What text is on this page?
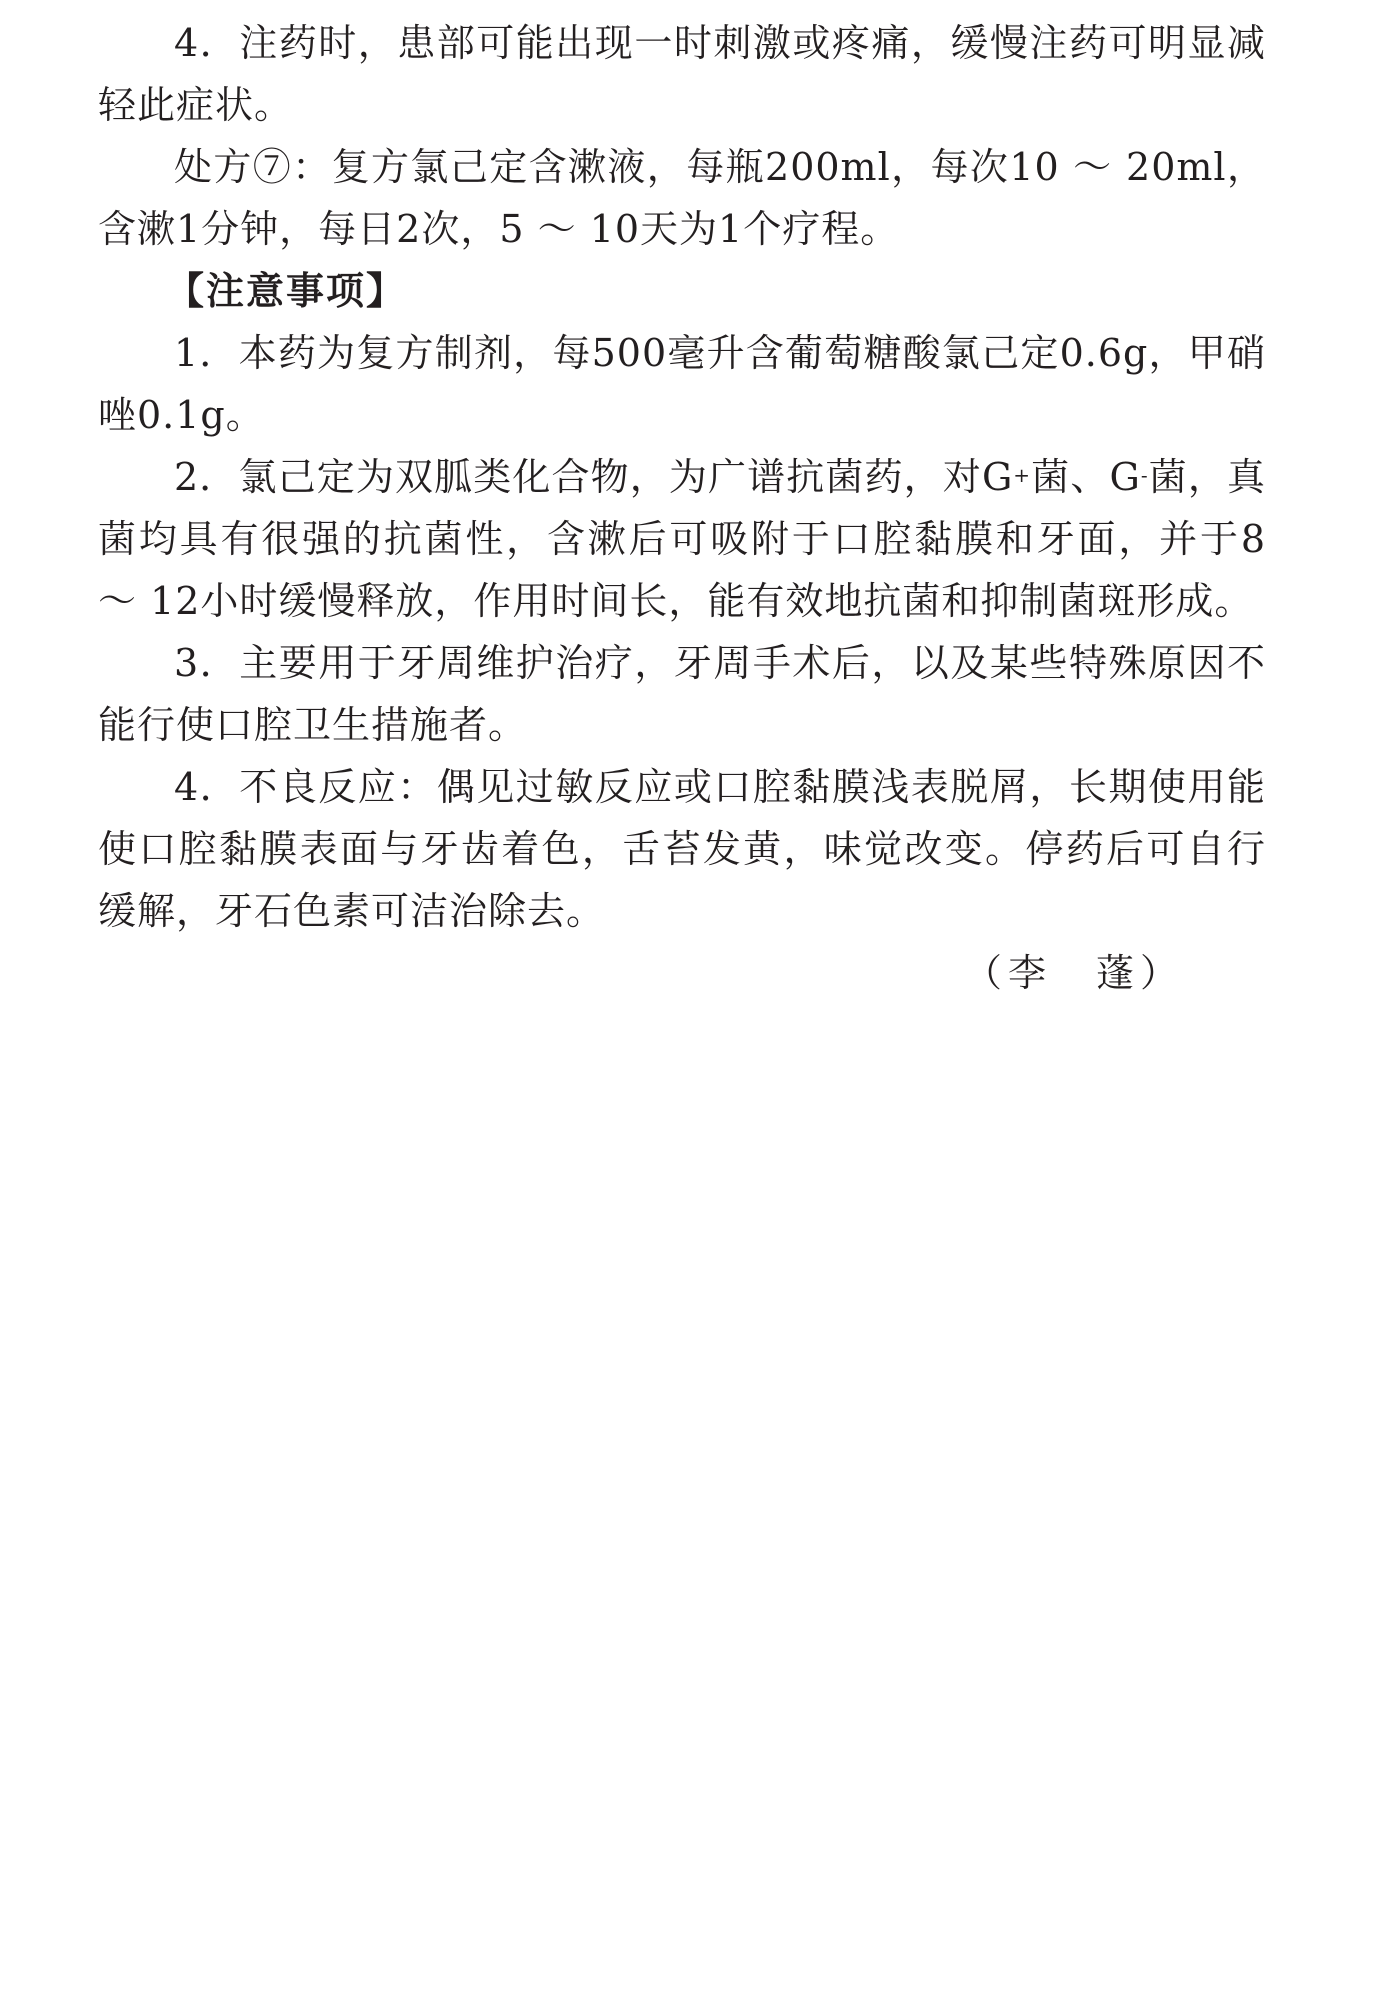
4．注药时，患部可能出现一时刺激或疼痛，缓慢注药可明显减轻此症状。

处方⑦：复方氯己定含漱液，每瓶200ml，每次10 ～ 20ml，含漱1分钟，每日2次，5 ～ 10天为1个疗程。

【注意事项】

1．本药为复方制剂，每500毫升含葡萄糖酸氯己定0.6g，甲硝唑0.1g。

2．氯己定为双胍类化合物，为广谱抗菌药，对G+菌、G-菌，真菌均具有很强的抗菌性，含漱后可吸附于口腔黏膜和牙面，并于8 ～ 12小时缓慢释放，作用时间长，能有效地抗菌和抑制菌斑形成。

3．主要用于牙周维护治疗，牙周手术后，以及某些特殊原因不能行使口腔卫生措施者。

4．不良反应：偶见过敏反应或口腔黏膜浅表脱屑，长期使用能使口腔黏膜表面与牙齿着色，舌苔发黄，味觉改变。停药后可自行缓解，牙石色素可洁治除去。

（李　蓬）
